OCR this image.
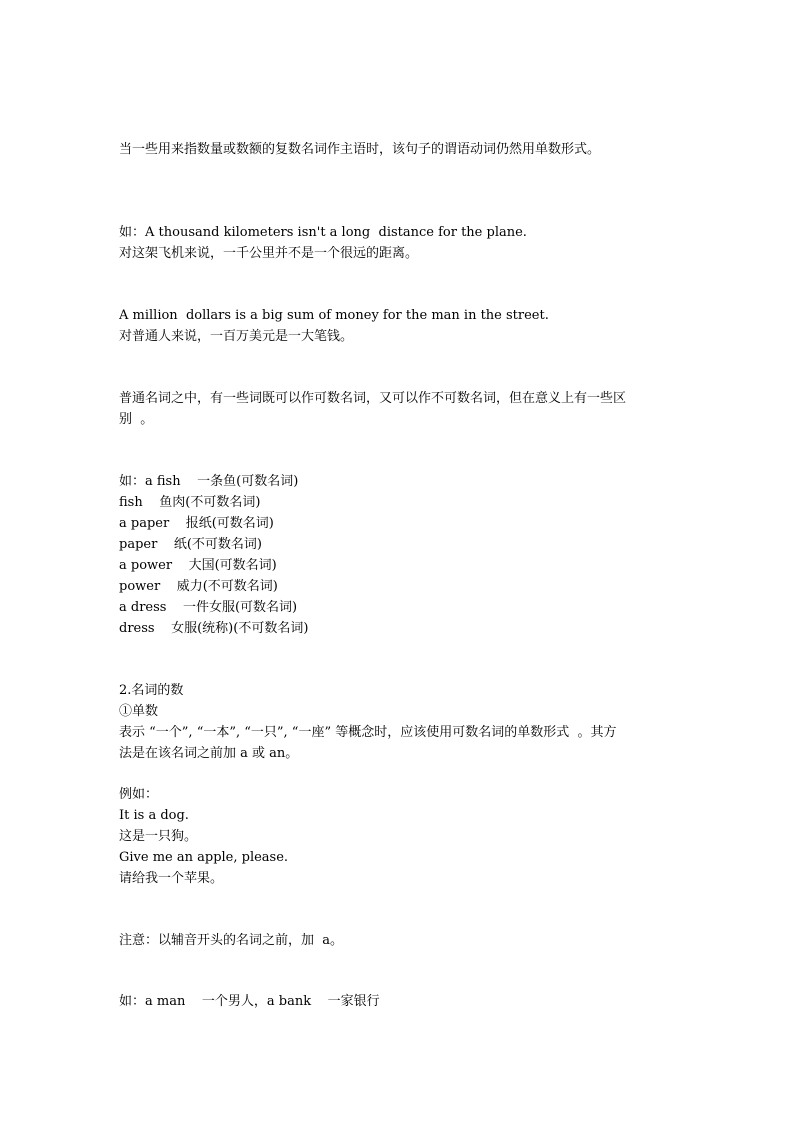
当一些用来指数量或数额的复数名词作主语时，该句子的谓语动词仍然用单数形式。
如：A thousand kilometers isn't a long  distance for the plane.
对这架飞机来说，一千公里并不是一个很远的距离。
A million  dollars is a big sum of money for the man in the street.
对普通人来说，一百万美元是一大笔钱。
普通名词之中，有一些词既可以作可数名词，又可以作不可数名词，但在意义上有一些区
别  。
如：a fish    一条鱼(可数名词)
fish    鱼肉(不可数名词)
a paper    报纸(可数名词)
paper    纸(不可数名词)
a power    大国(可数名词)
power    威力(不可数名词)
a dress    一件女服(可数名词)
dress    女服(统称)(不可数名词)
2.名词的数
①单数
表示 “一个”, “一本”, “一只”, “一座” 等概念时，应该使用可数名词的单数形式  。其方
法是在该名词之前加 a 或 an。
例如：
It is a dog.
这是一只狗。
Give me an apple, please.
请给我一个苹果。
注意：以辅音开头的名词之前，加  a。
如：a man    一个男人，a bank    一家银行
